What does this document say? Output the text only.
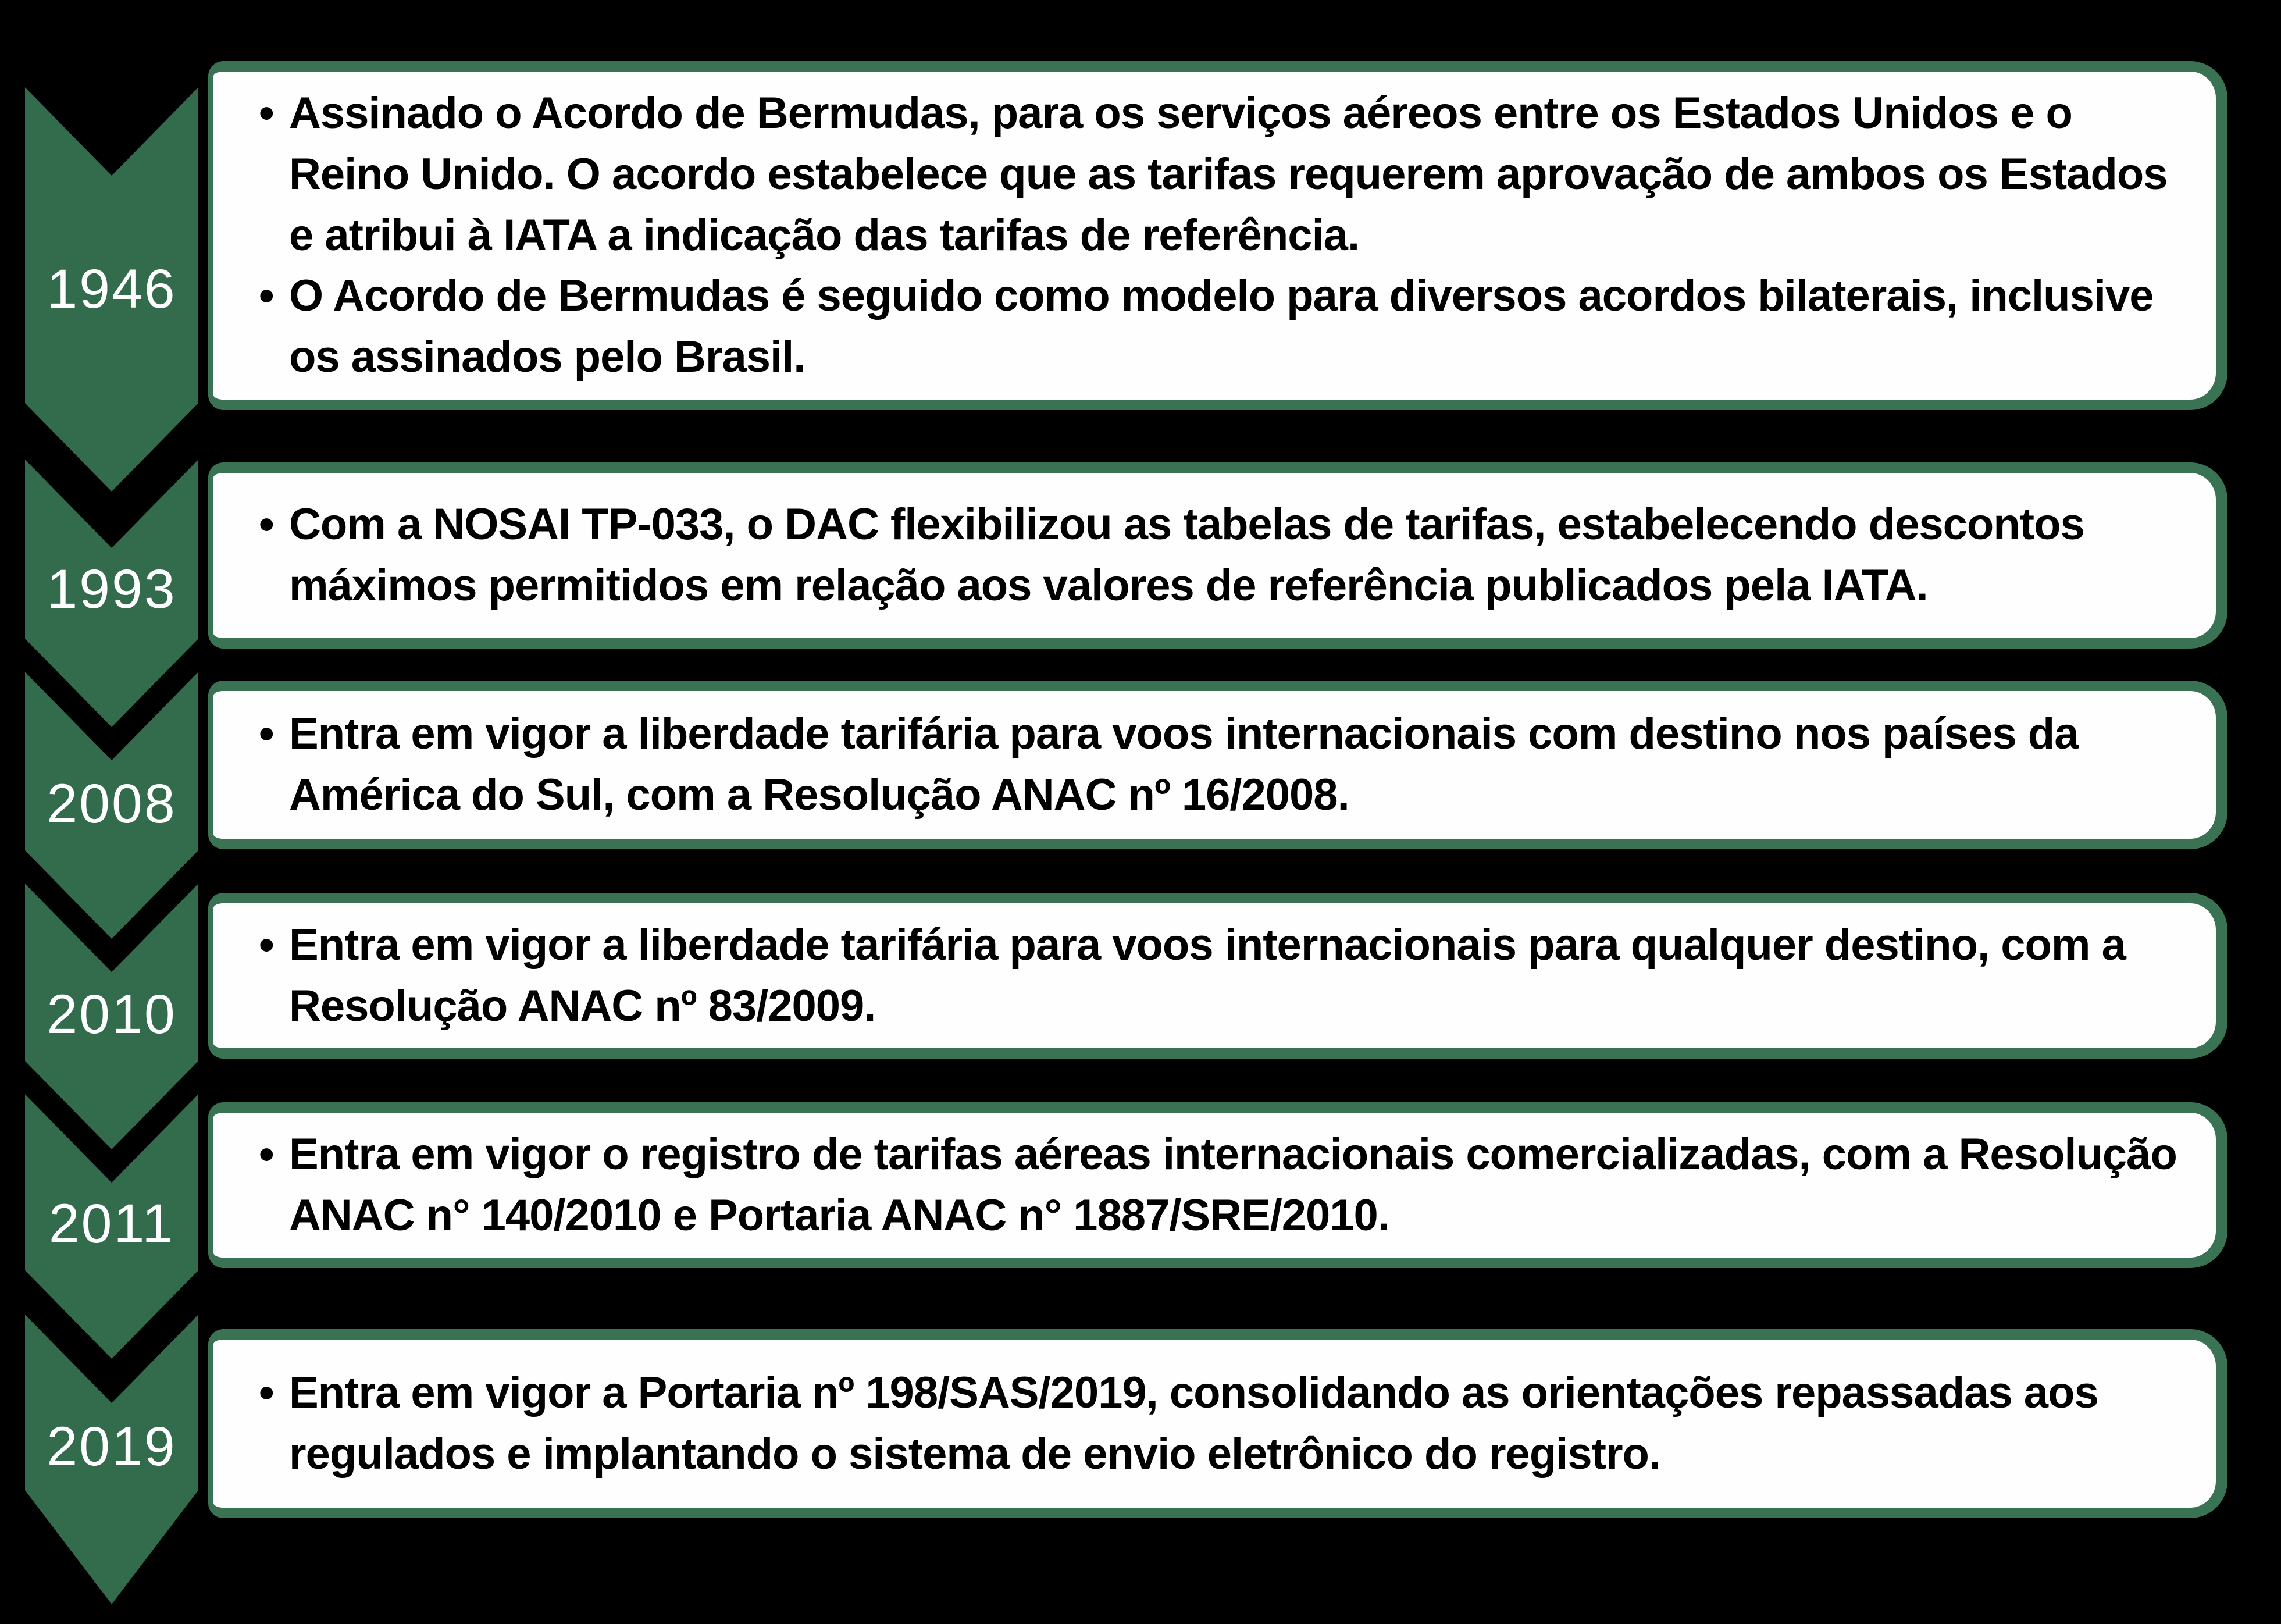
1946
1993
2008
2010
2011
2019
• Assinado o Acordo de Bermudas, para os serviços aéreos entre os Estados Unidos e o Reino Unido. O acordo estabelece que as tarifas requerem aprovação de ambos os Estados e atribui à IATA a indicação das tarifas de referência.
• O Acordo de Bermudas é seguido como modelo para diversos acordos bilaterais, inclusive os assinados pelo Brasil.
• Com a NOSAI TP-033, o DAC flexibilizou as tabelas de tarifas, estabelecendo descontos máximos permitidos em relação aos valores de referência publicados pela IATA.
• Entra em vigor a liberdade tarifária para voos internacionais com destino nos países da América do Sul, com a Resolução ANAC nº 16/2008.
• Entra em vigor a liberdade tarifária para voos internacionais para qualquer destino, com a Resolução ANAC nº 83/2009.
• Entra em vigor o registro de tarifas aéreas internacionais comercializadas, com a Resolução ANAC n° 140/2010 e Portaria ANAC n° 1887/SRE/2010.
• Entra em vigor a Portaria nº 198/SAS/2019, consolidando as orientações repassadas aos regulados e implantando o sistema de envio eletrônico do registro.
